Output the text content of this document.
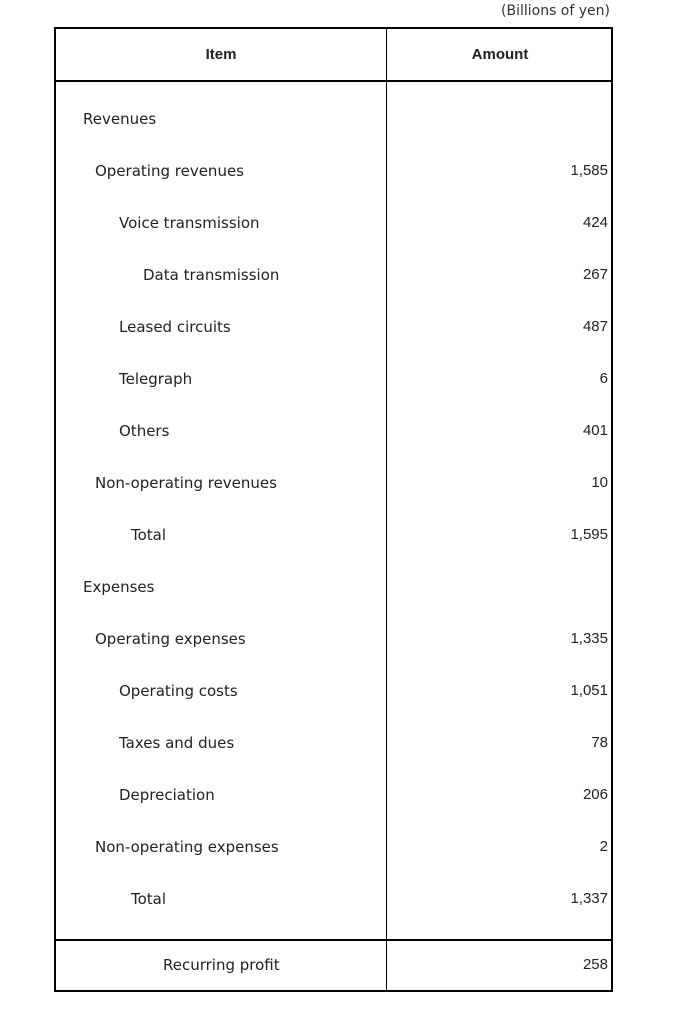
(Billions of yen)
Item	Amount
Revenues
Operating revenues	1,585
Voice transmission	424
Data transmission	267
Leased circuits	487
Telegraph	6
Others	401
Non-operating revenues	10
Total	1,595
Expenses
Operating expenses	1,335
Operating costs	1,051
Taxes and dues	78
Depreciation	206
Non-operating expenses	2
Total	1,337
Recurring profit	258
